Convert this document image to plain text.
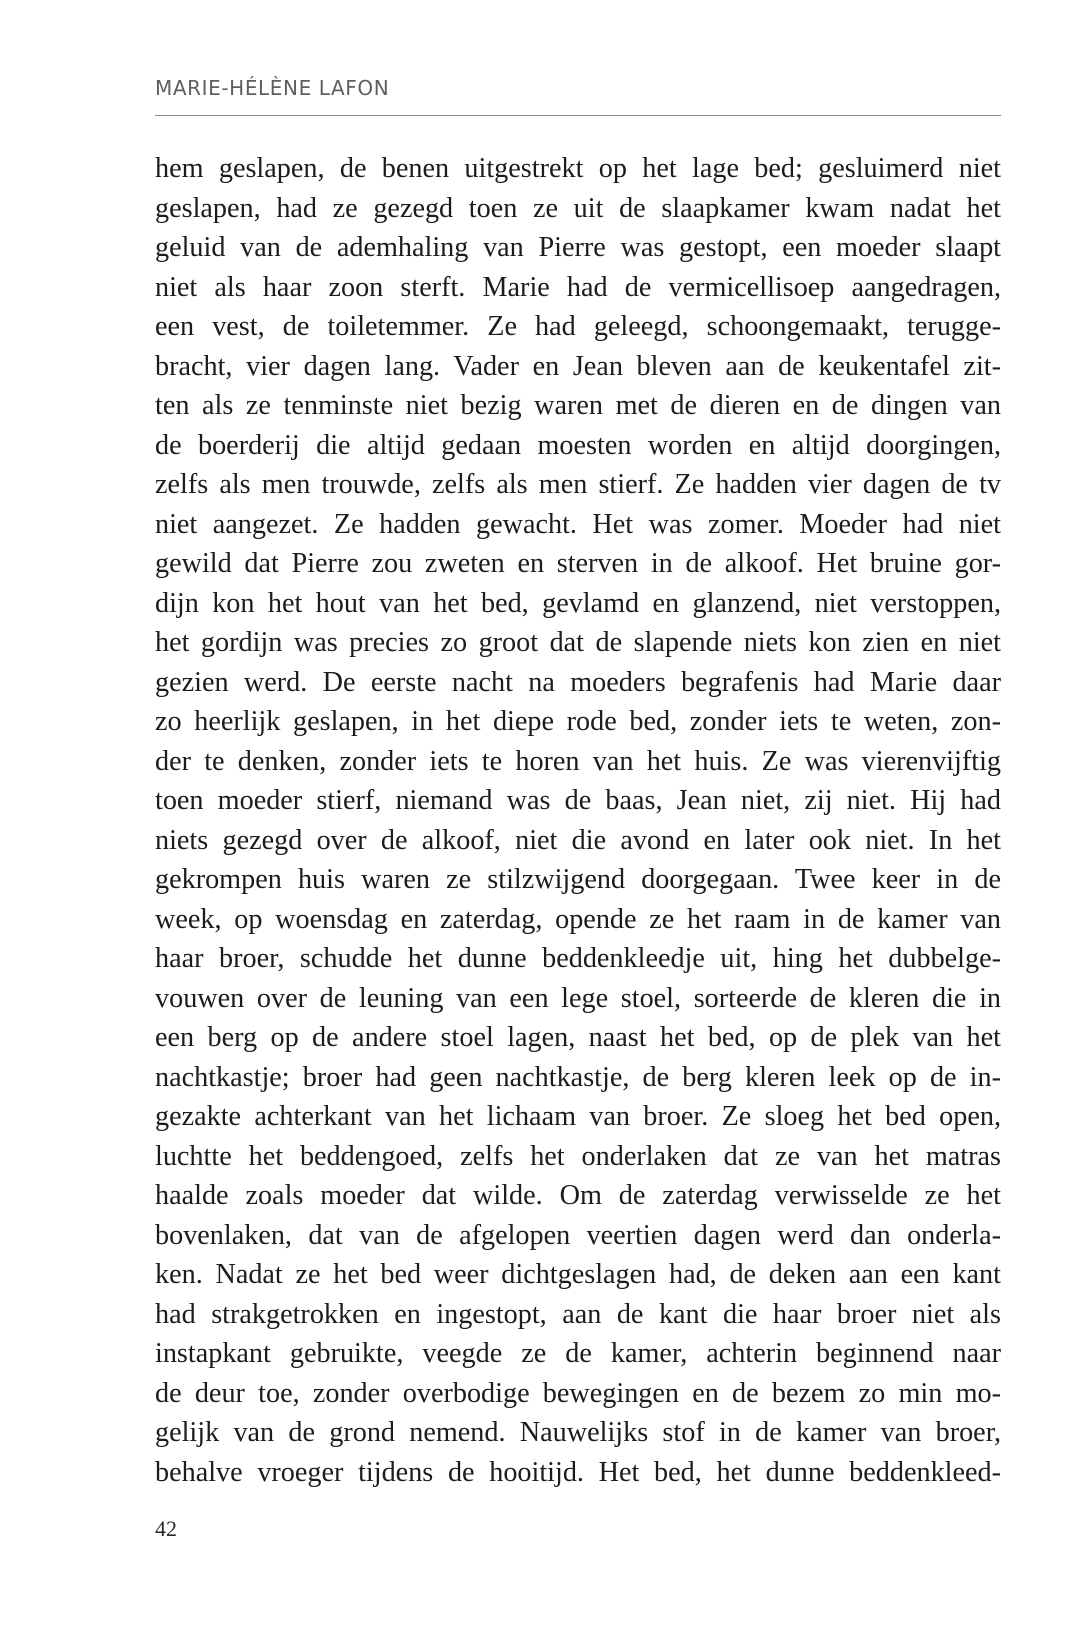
MARIE-HÉLÈNE LAFON
hem geslapen, de benen uitgestrekt op het lage bed; gesluimerd niet
geslapen, had ze gezegd toen ze uit de slaapkamer kwam nadat het
geluid van de ademhaling van Pierre was gestopt, een moeder slaapt
niet als haar zoon sterft. Marie had de vermicellisoep aangedragen,
een vest, de toiletemmer. Ze had geleegd, schoongemaakt, terugge-
bracht, vier dagen lang. Vader en Jean bleven aan de keukentafel zit-
ten als ze tenminste niet bezig waren met de dieren en de dingen van
de boerderij die altijd gedaan moesten worden en altijd doorgingen,
zelfs als men trouwde, zelfs als men stierf. Ze hadden vier dagen de tv
niet aangezet. Ze hadden gewacht. Het was zomer. Moeder had niet
gewild dat Pierre zou zweten en sterven in de alkoof. Het bruine gor-
dijn kon het hout van het bed, gevlamd en glanzend, niet verstoppen,
het gordijn was precies zo groot dat de slapende niets kon zien en niet
gezien werd. De eerste nacht na moeders begrafenis had Marie daar
zo heerlijk geslapen, in het diepe rode bed, zonder iets te weten, zon-
der te denken, zonder iets te horen van het huis. Ze was vierenvijftig
toen moeder stierf, niemand was de baas, Jean niet, zij niet. Hij had
niets gezegd over de alkoof, niet die avond en later ook niet. In het
gekrompen huis waren ze stilzwijgend doorgegaan. Twee keer in de
week, op woensdag en zaterdag, opende ze het raam in de kamer van
haar broer, schudde het dunne beddenkleedje uit, hing het dubbelge-
vouwen over de leuning van een lege stoel, sorteerde de kleren die in
een berg op de andere stoel lagen, naast het bed, op de plek van het
nachtkastje; broer had geen nachtkastje, de berg kleren leek op de in-
gezakte achterkant van het lichaam van broer. Ze sloeg het bed open,
luchtte het beddengoed, zelfs het onderlaken dat ze van het matras
haalde zoals moeder dat wilde. Om de zaterdag verwisselde ze het
bovenlaken, dat van de afgelopen veertien dagen werd dan onderla-
ken. Nadat ze het bed weer dichtgeslagen had, de deken aan een kant
had strakgetrokken en ingestopt, aan de kant die haar broer niet als
instapkant gebruikte, veegde ze de kamer, achterin beginnend naar
de deur toe, zonder overbodige bewegingen en de bezem zo min mo-
gelijk van de grond nemend. Nauwelijks stof in de kamer van broer,
behalve vroeger tijdens de hooitijd. Het bed, het dunne beddenkleed-
42
